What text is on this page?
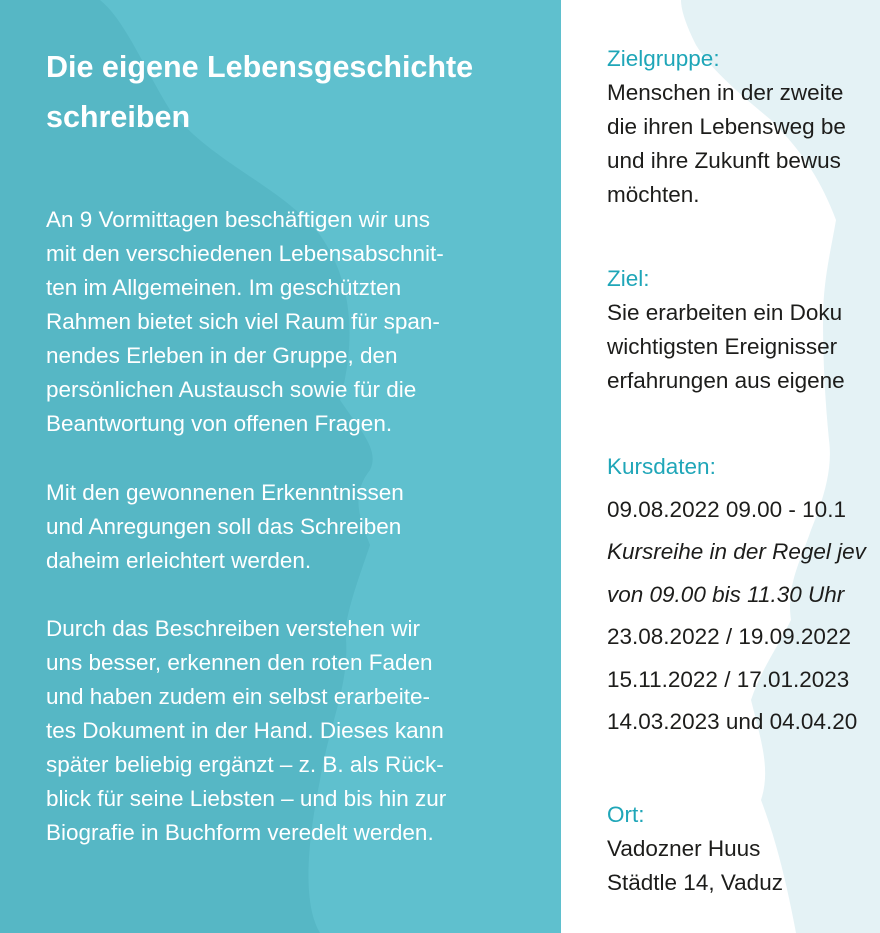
Die eigene Lebensgeschichte
schreiben

An 9 Vormittagen beschäftigen wir uns
mit den verschiedenen Lebensabschnit-
ten im Allgemeinen. Im geschützten
Rahmen bietet sich viel Raum für span-
nendes Erleben in der Gruppe, den
persönlichen Austausch sowie für die
Beantwortung von offenen Fragen.

Mit den gewonnenen Erkenntnissen
und Anregungen soll das Schreiben
daheim erleichtert werden.

Durch das Beschreiben verstehen wir
uns besser, erkennen den roten Faden
und haben zudem ein selbst erarbeite-
tes Dokument in der Hand. Dieses kann
später beliebig ergänzt – z. B. als Rück-
blick für seine Liebsten – und bis hin zur
Biografie in Buchform veredelt werden.

Zielgruppe:
Menschen in der zweite
die ihren Lebensweg be
und ihre Zukunft bewus
möchten.
Ziel:
Sie erarbeiten ein Doku
wichtigsten Ereignisser
erfahrungen aus eigene
Kursdaten:
09.08.2022 09.00 - 10.1
Kursreihe in der Regel jev
von 09.00 bis 11.30 Uhr
23.08.2022 / 19.09.2022
15.11.2022 / 17.01.2023
14.03.2023 und 04.04.20
Ort:
Vadozner Huus
Städtle 14, Vaduz
